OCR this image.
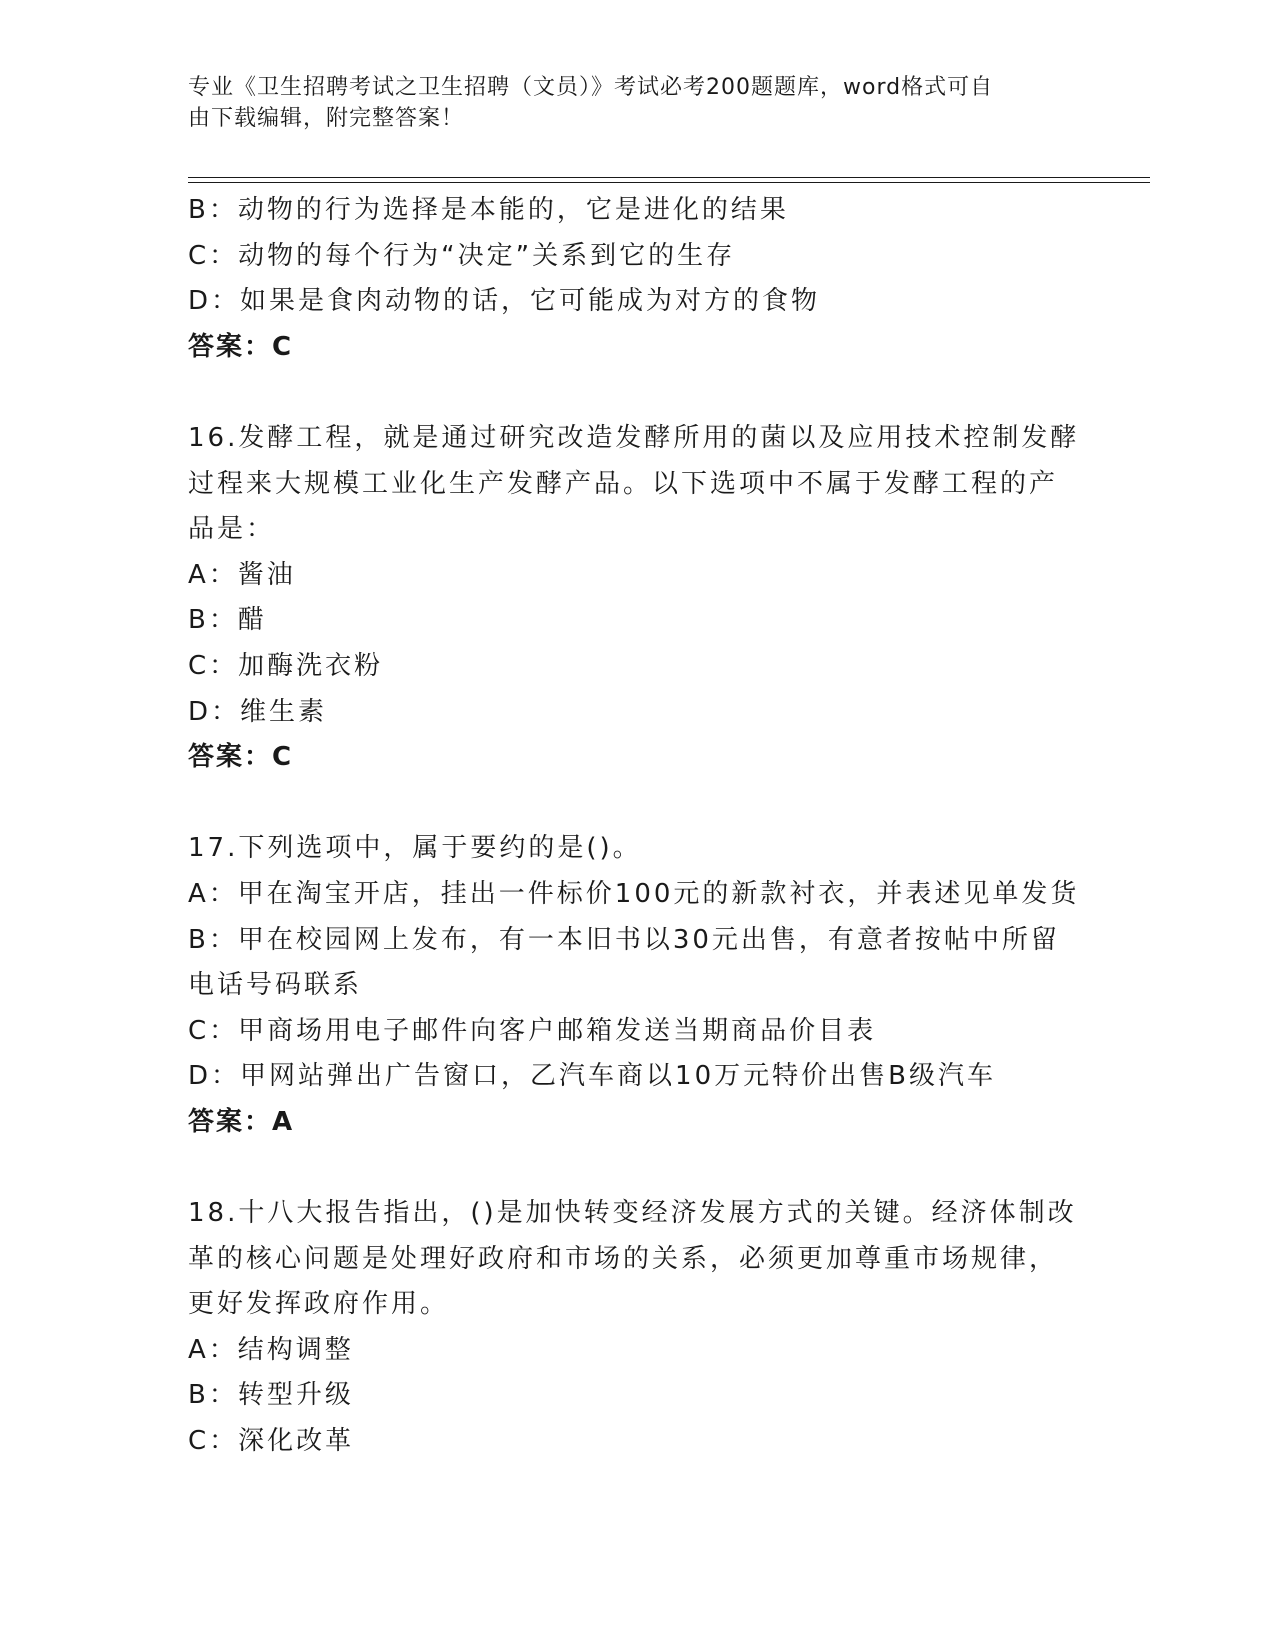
专业《卫生招聘考试之卫生招聘（文员）》考试必考200题题库，word格式可自
由下载编辑，附完整答案！
B：动物的行为选择是本能的，它是进化的结果
C：动物的每个行为“决定”关系到它的生存
D：如果是食肉动物的话，它可能成为对方的食物
答案：C
16.发酵工程，就是通过研究改造发酵所用的菌以及应用技术控制发酵
过程来大规模工业化生产发酵产品。以下选项中不属于发酵工程的产
品是：
A：酱油
B：醋
C：加酶洗衣粉
D：维生素
答案：C
17.下列选项中，属于要约的是()。
A：甲在淘宝开店，挂出一件标价100元的新款衬衣，并表述见单发货
B：甲在校园网上发布，有一本旧书以30元出售，有意者按帖中所留
电话号码联系
C：甲商场用电子邮件向客户邮箱发送当期商品价目表
D：甲网站弹出广告窗口，乙汽车商以10万元特价出售B级汽车
答案：A
18.十八大报告指出，()是加快转变经济发展方式的关键。经济体制改
革的核心问题是处理好政府和市场的关系，必须更加尊重市场规律，
更好发挥政府作用。
A：结构调整
B：转型升级
C：深化改革
